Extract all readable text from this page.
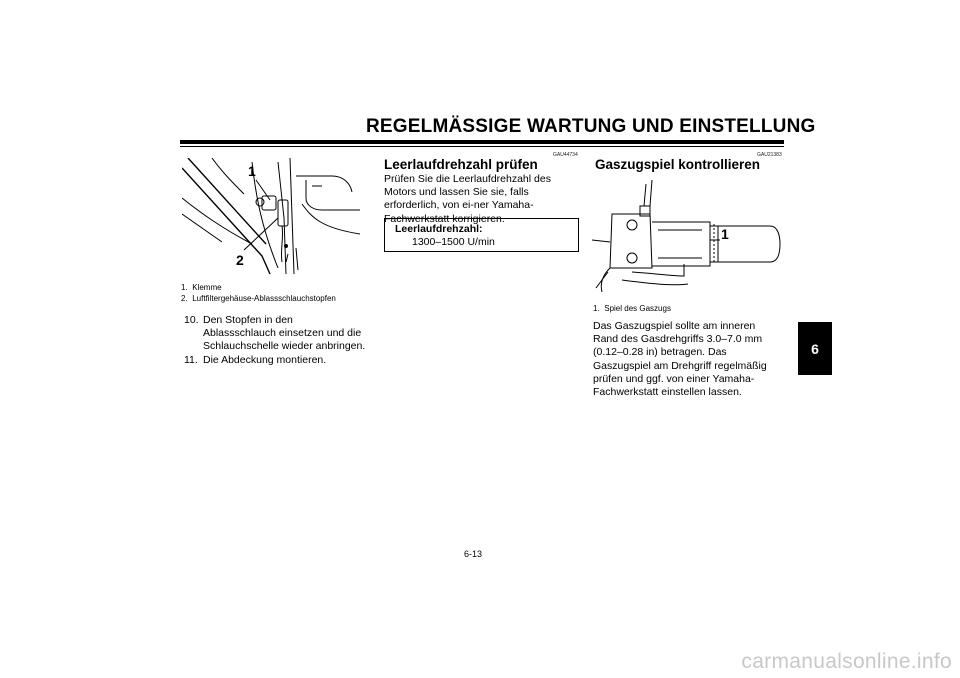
REGELMÄSSIGE WARTUNG UND EINSTELLUNG
6
1
2
1. Klemme
2. Luftfiltergehäuse-Ablassschlauchstopfen
10. Den Stopfen in den Ablassschlauch einsetzen und die Schlauchschelle wieder anbringen.
11. Die Abdeckung montieren.
GAU44734
Leerlaufdrehzahl prüfen
Prüfen Sie die Leerlaufdrehzahl des Motors und lassen Sie sie, falls erforderlich, von ei-ner Yamaha-Fachwerkstatt korrigieren.
Leerlaufdrehzahl:
1300–1500 U/min
GAU21383
Gaszugspiel kontrollieren
1
1. Spiel des Gaszugs
Das Gaszugspiel sollte am inneren Rand des Gasdrehgriffs 3.0–7.0 mm (0.12–0.28 in) betragen. Das Gaszugspiel am Drehgriff regelmäßig prüfen und ggf. von einer Yamaha-Fachwerkstatt einstellen lassen.
6-13
carmanualsonline.info
